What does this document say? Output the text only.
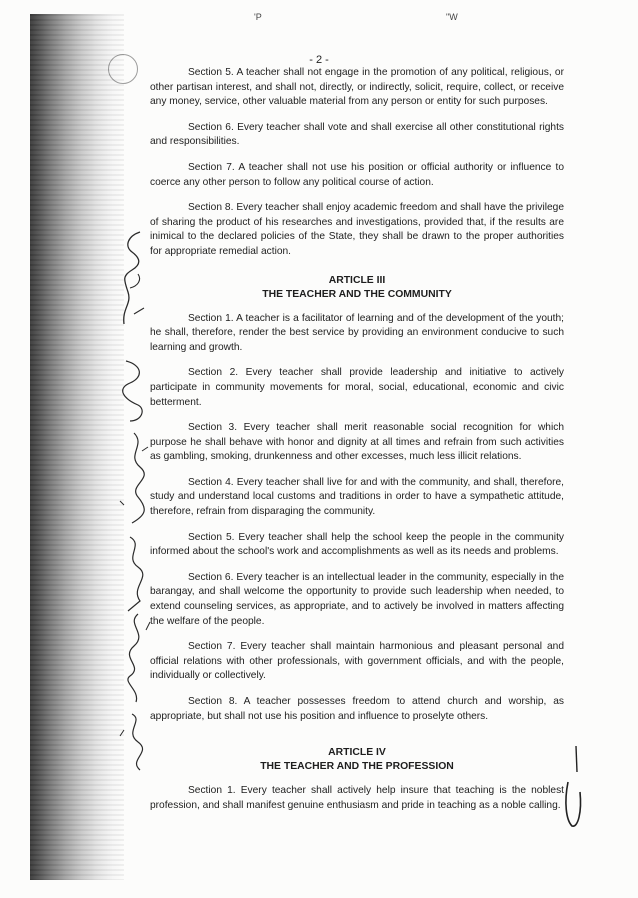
'P	"W
- 2 -

Section 5. A teacher shall not engage in the promotion of any political, religious, or other partisan interest, and shall not, directly, or indirectly, solicit, require, collect, or receive any money, service, other valuable material from any person or entity for such purposes.

Section 6. Every teacher shall vote and shall exercise all other constitutional rights and responsibilities.

Section 7. A teacher shall not use his position or official authority or influence to coerce any other person to follow any political course of action.

Section 8. Every teacher shall enjoy academic freedom and shall have the privilege of sharing the product of his researches and investigations, provided that, if the results are inimical to the declared policies of the State, they shall be drawn to the proper authorities for appropriate remedial action.

ARTICLE III

THE TEACHER AND THE COMMUNITY

Section 1. A teacher is a facilitator of learning and of the development of the youth; he shall, therefore, render the best service by providing an environment conducive to such learning and growth.

Section 2. Every teacher shall provide leadership and initiative to actively participate in community movements for moral, social, educational, economic and civic betterment.

Section 3. Every teacher shall merit reasonable social recognition for which purpose he shall behave with honor and dignity at all times and refrain from such activities as gambling, smoking, drunkenness and other excesses, much less illicit relations.

Section 4. Every teacher shall live for and with the community, and shall, therefore, study and understand local customs and traditions in order to have a sympathetic attitude, therefore, refrain from disparaging the community.

Section 5. Every teacher shall help the school keep the people in the community informed about the school's work and accomplishments as well as its needs and problems.

Section 6. Every teacher is an intellectual leader in the community, especially in the barangay, and shall welcome the opportunity to provide such leadership when needed, to extend counseling services, as appropriate, and to actively be involved in matters affecting the welfare of the people.

Section 7. Every teacher shall maintain harmonious and pleasant personal and official relations with other professionals, with government officials, and with the people, individually or collectively.

Section 8. A teacher possesses freedom to attend church and worship, as appropriate, but shall not use his position and influence to proselyte others.

ARTICLE IV

THE TEACHER AND THE PROFESSION

Section 1. Every teacher shall actively help insure that teaching is the noblest profession, and shall manifest genuine enthusiasm and pride in teaching as a noble calling.
